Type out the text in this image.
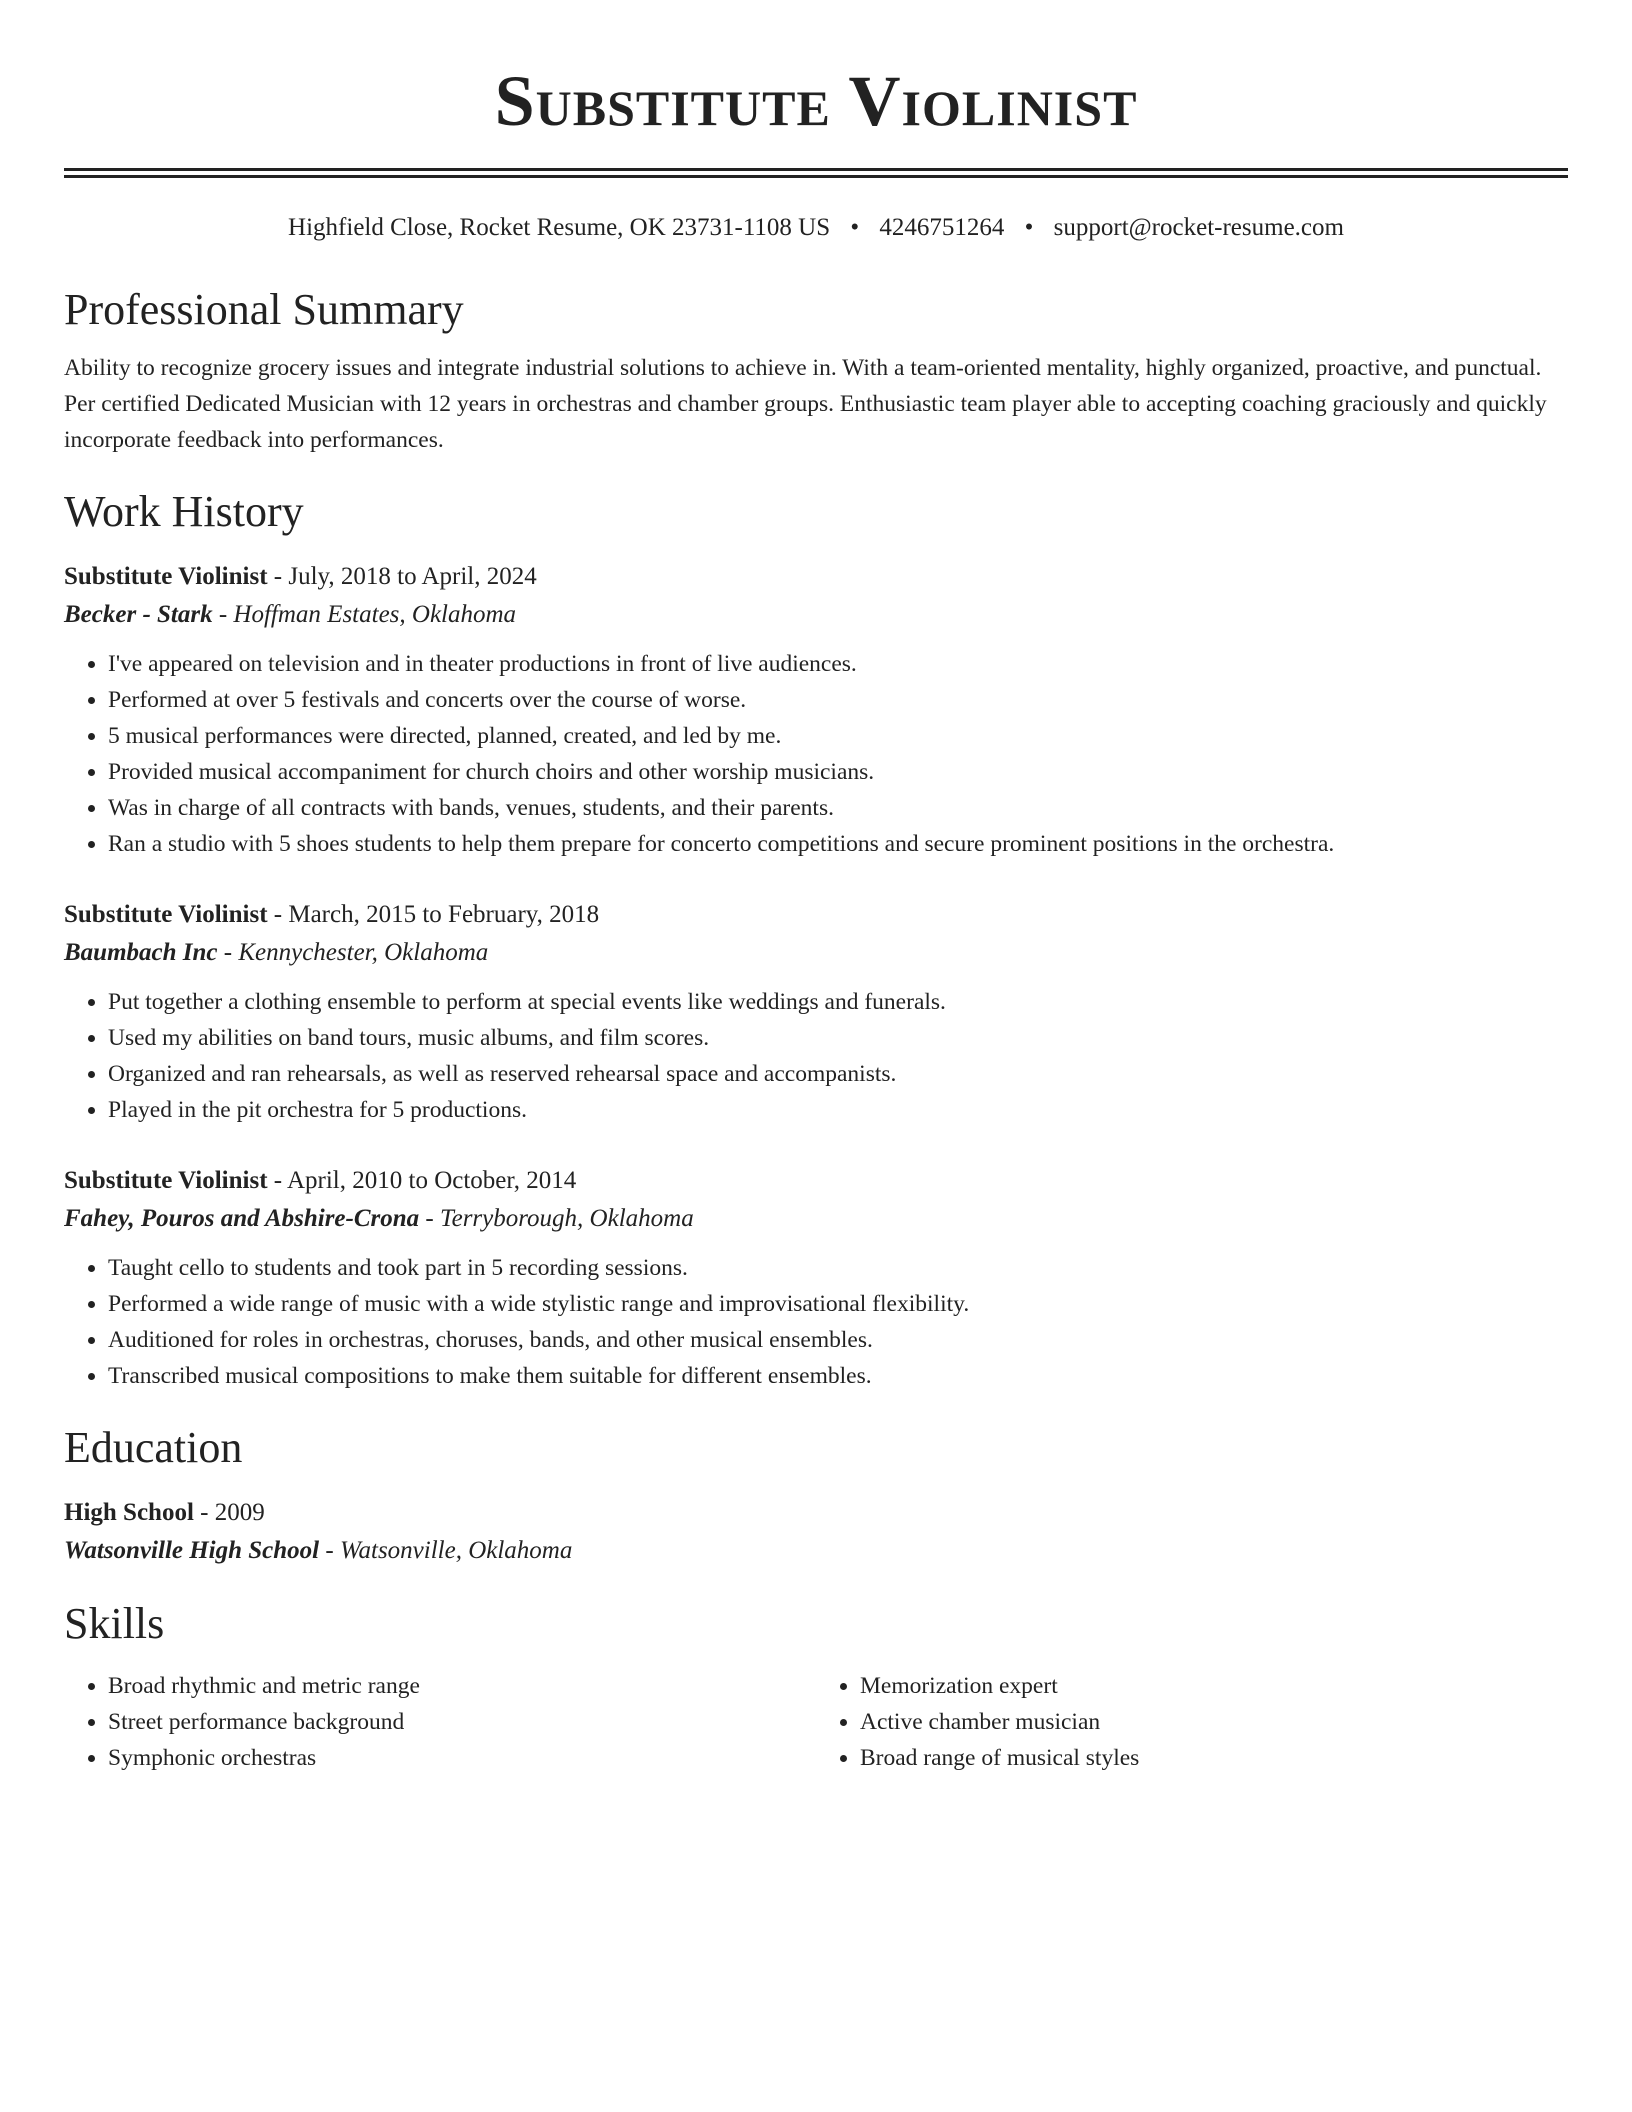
Substitute Violinist
Highfield Close, Rocket Resume, OK 23731-1108 US • 4246751264 • support@rocket-resume.com
Professional Summary
Ability to recognize grocery issues and integrate industrial solutions to achieve in. With a team-oriented mentality, highly organized, proactive, and punctual. Per certified Dedicated Musician with 12 years in orchestras and chamber groups. Enthusiastic team player able to accepting coaching graciously and quickly incorporate feedback into performances.
Work History
Substitute Violinist - July, 2018 to April, 2024
Becker - Stark - Hoffman Estates, Oklahoma
• I've appeared on television and in theater productions in front of live audiences.
• Performed at over 5 festivals and concerts over the course of worse.
• 5 musical performances were directed, planned, created, and led by me.
• Provided musical accompaniment for church choirs and other worship musicians.
• Was in charge of all contracts with bands, venues, students, and their parents.
• Ran a studio with 5 shoes students to help them prepare for concerto competitions and secure prominent positions in the orchestra.
Substitute Violinist - March, 2015 to February, 2018
Baumbach Inc - Kennychester, Oklahoma
• Put together a clothing ensemble to perform at special events like weddings and funerals.
• Used my abilities on band tours, music albums, and film scores.
• Organized and ran rehearsals, as well as reserved rehearsal space and accompanists.
• Played in the pit orchestra for 5 productions.
Substitute Violinist - April, 2010 to October, 2014
Fahey, Pouros and Abshire-Crona - Terryborough, Oklahoma
• Taught cello to students and took part in 5 recording sessions.
• Performed a wide range of music with a wide stylistic range and improvisational flexibility.
• Auditioned for roles in orchestras, choruses, bands, and other musical ensembles.
• Transcribed musical compositions to make them suitable for different ensembles.
Education
High School - 2009
Watsonville High School - Watsonville, Oklahoma
Skills
• Broad rhythmic and metric range
• Street performance background
• Symphonic orchestras
• Memorization expert
• Active chamber musician
• Broad range of musical styles
